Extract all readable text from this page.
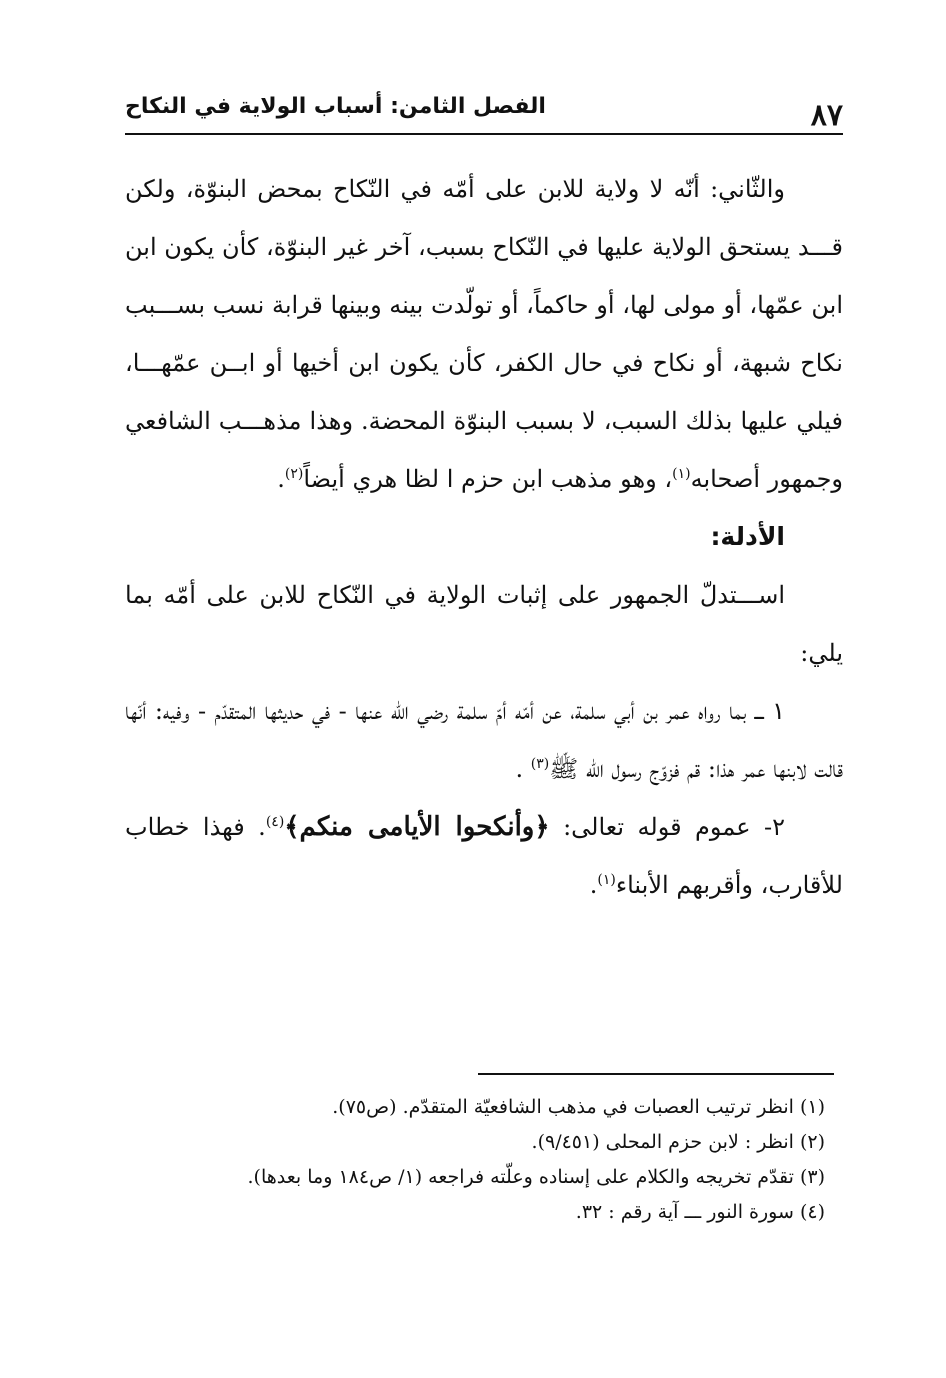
٨٧
الفصل الثامن: أسباب الولاية في النكاح

والثّاني: أنّه لا ولاية للابن على أمّه في النّكاح بمحض البنوّة، ولكن قـــد يستحق الولاية عليها في النّكاح بسبب، آخر غير البنوّة، كأن يكون ابن ابن عمّها، أو مولى لها، أو حاكماً، أو تولّدت بينه وبينها قرابة نسب بســـبب نكاح شبهة، أو نكاح في حال الكفر، كأن يكون ابن أخيها أو ابــن عمّهـــا، فيلي عليها بذلك السبب، لا بسبب البنوّة المحضة. وهذا مذهـــب الشافعي وجمهور أصحابه$^{(١)}$، وهو مذهب ابن حزم ا لظا هري أيضاً$^{(٢)}$.

الأدلة:

اســـتدلّ الجمهور على إثبات الولاية في النّكاح للابن على أمّه بما يلي:

١ ـــ بما رواه عمر بن أبي سلمة، عن أمّه أمّ سلمة رضي الله عنها - في حديثها المتقدّم - وفيه: أنّها قالت لابنها عمر هذا: قم فزوّج رسول الله ﷺ$^{(٣)}$ .

٢- عموم قوله تعالى: ﴿وأنكحوا الأيامى منكم﴾$^{(٤)}$. فهذا خطاب للأقارب، وأقربهم الأبناء$^{(١)}$.

(١) انظر ترتيب العصبات في مذهب الشافعيّة المتقدّم. (ص٧٥).
(٢) انظر : لابن حزم المحلى (٩/٤٥١).
(٣) تقدّم تخريجه والكلام على إسناده وعلّته فراجعه (١/ ص١٨٤ وما بعدها).
(٤) سورة النور ـــ آية رقم : ٣٢.
